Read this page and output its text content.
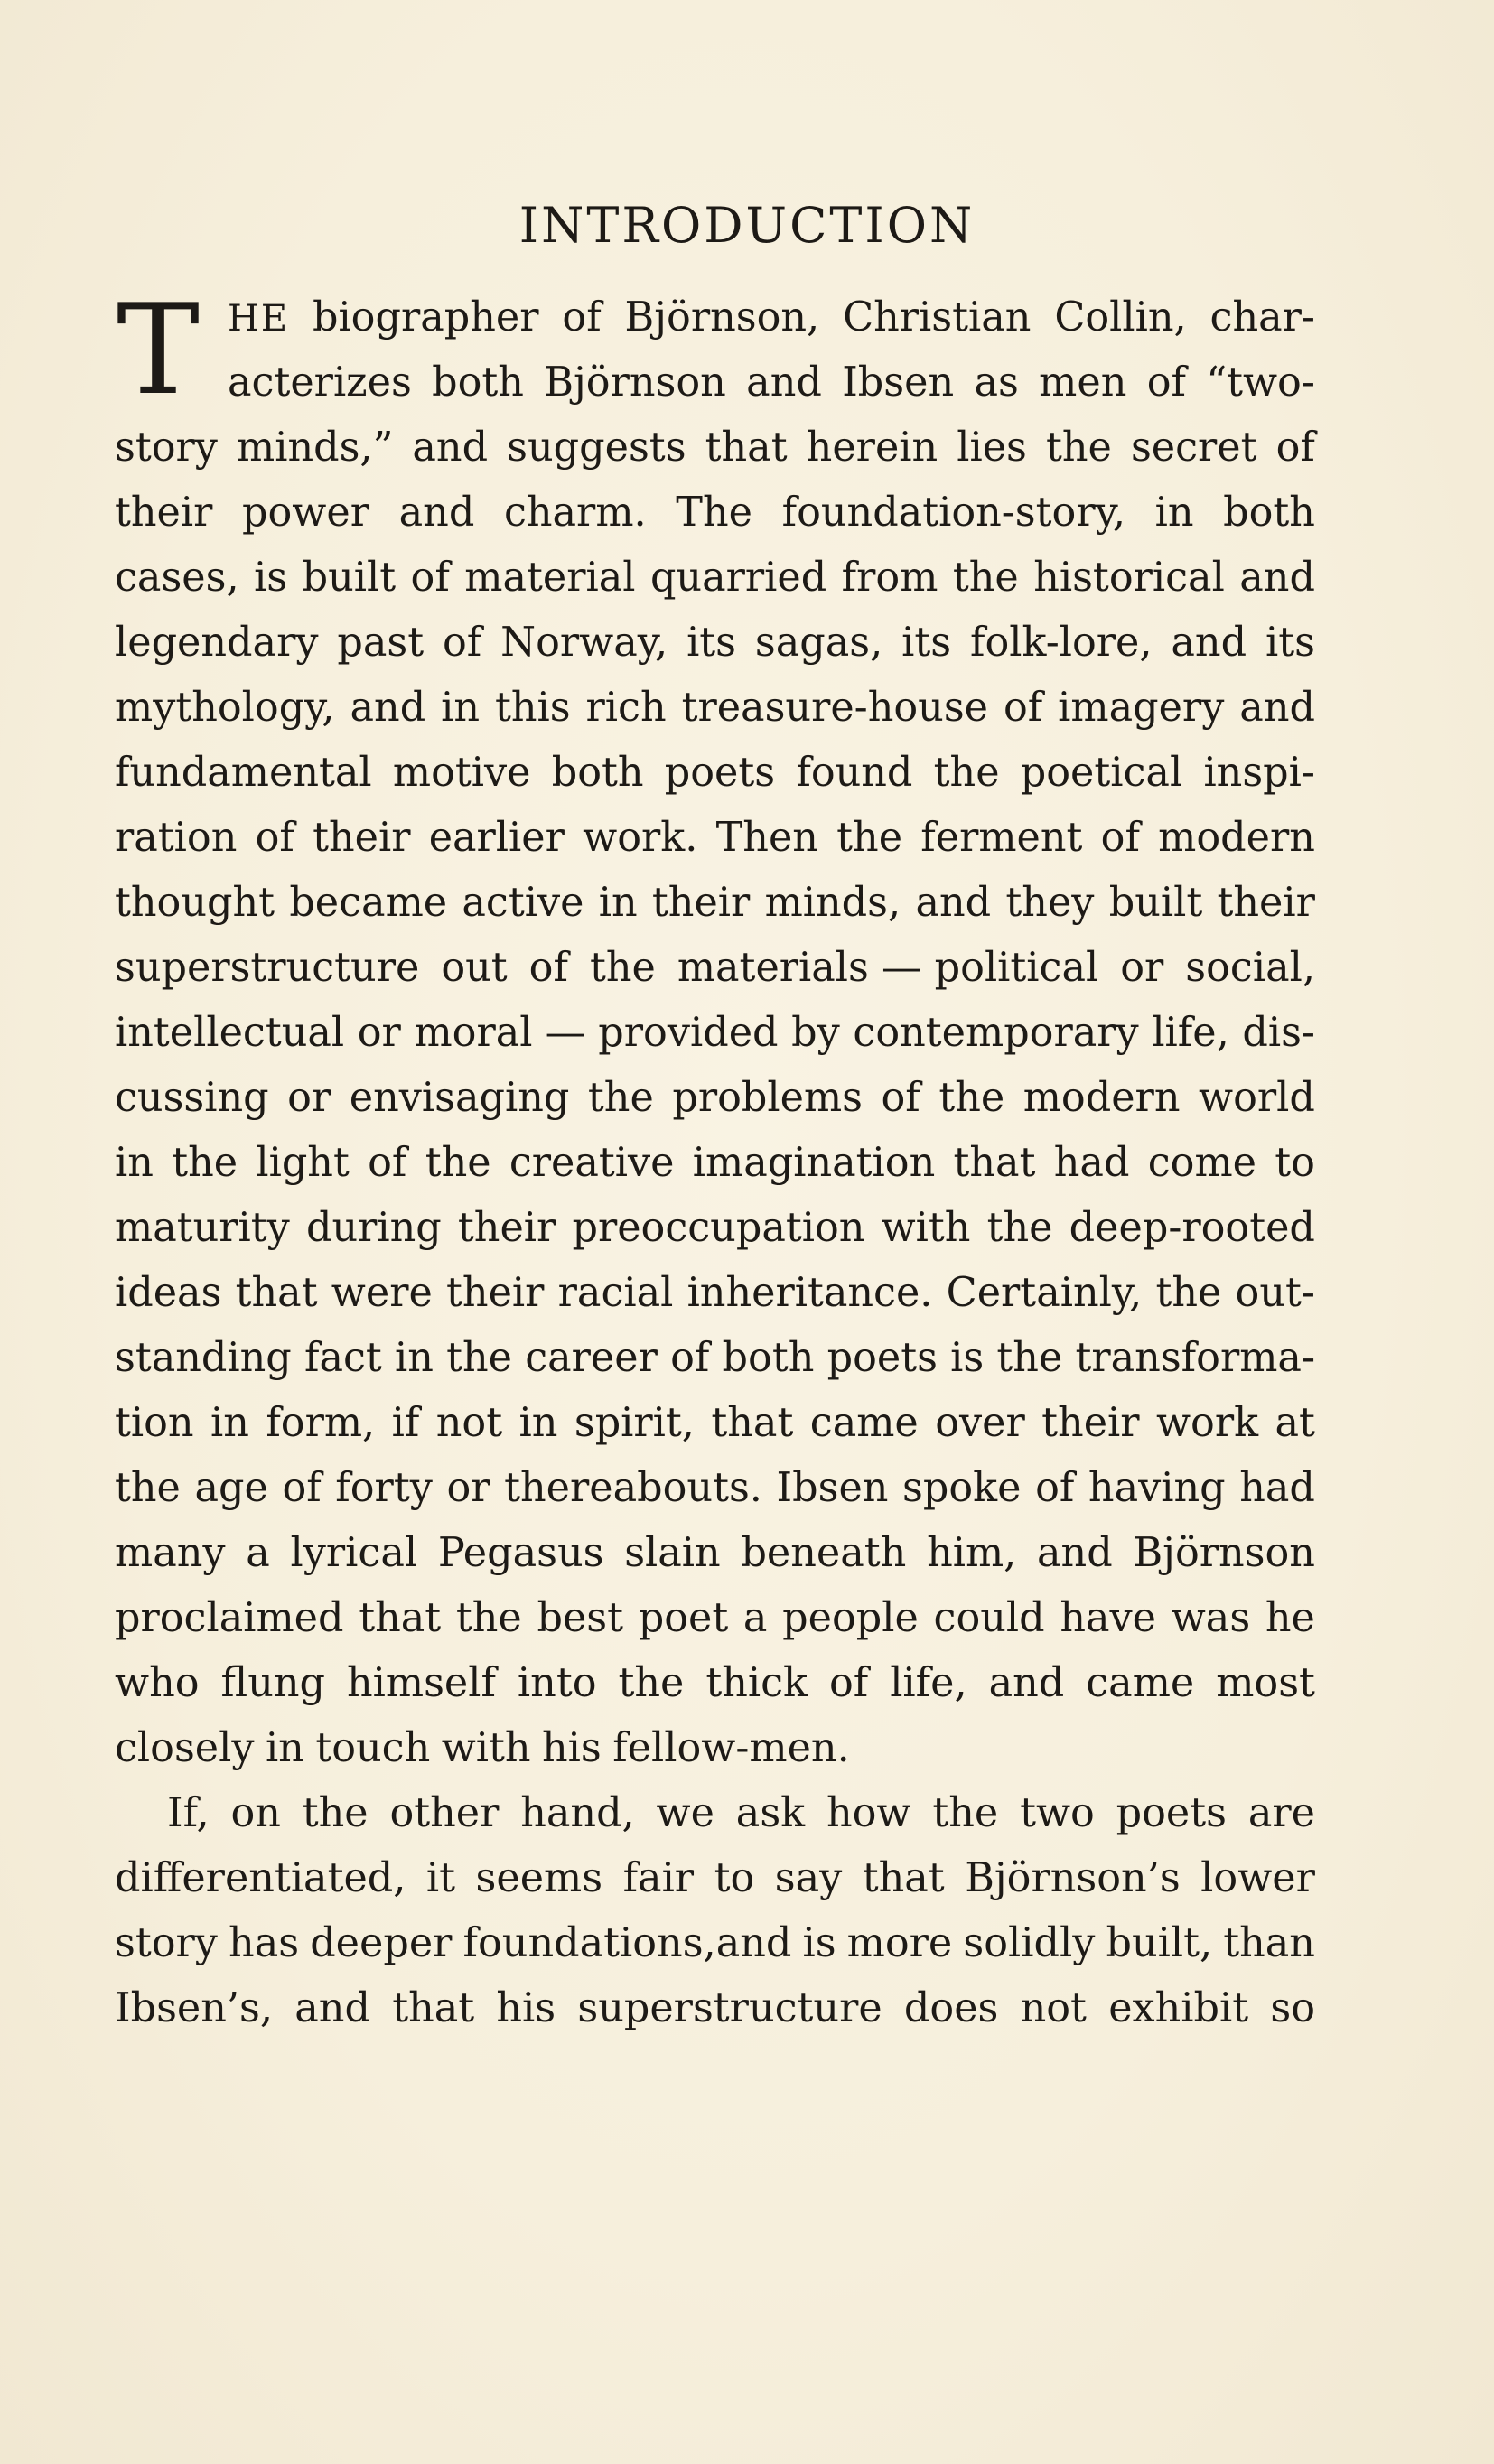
INTRODUCTION
T HE biographer of Björnson, Christian Collin, char-
acterizes both Björnson and Ibsen as men of “two-
story minds,” and suggests that herein lies the secret of
their power and charm. The foundation-story, in both
cases, is built of material quarried from the historical and
legendary past of Norway, its sagas, its folk-lore, and its
mythology, and in this rich treasure-house of imagery and
fundamental motive both poets found the poetical inspi-
ration of their earlier work. Then the ferment of modern
thought became active in their minds, and they built their
superstructure out of the materials — political or social,
intellectual or moral — provided by contemporary life, dis-
cussing or envisaging the problems of the modern world
in the light of the creative imagination that had come to
maturity during their preoccupation with the deep-rooted
ideas that were their racial inheritance. Certainly, the out-
standing fact in the career of both poets is the transforma-
tion in form, if not in spirit, that came over their work at
the age of forty or thereabouts. Ibsen spoke of having had
many a lyrical Pegasus slain beneath him, and Björnson
proclaimed that the best poet a people could have was he
who flung himself into the thick of life, and came most
closely in touch with his fellow-men.
If, on the other hand, we ask how the two poets are
differentiated, it seems fair to say that Björnson’s lower
story has deeper foundations,and is more solidly built, than
Ibsen’s, and that his superstructure does not exhibit so
